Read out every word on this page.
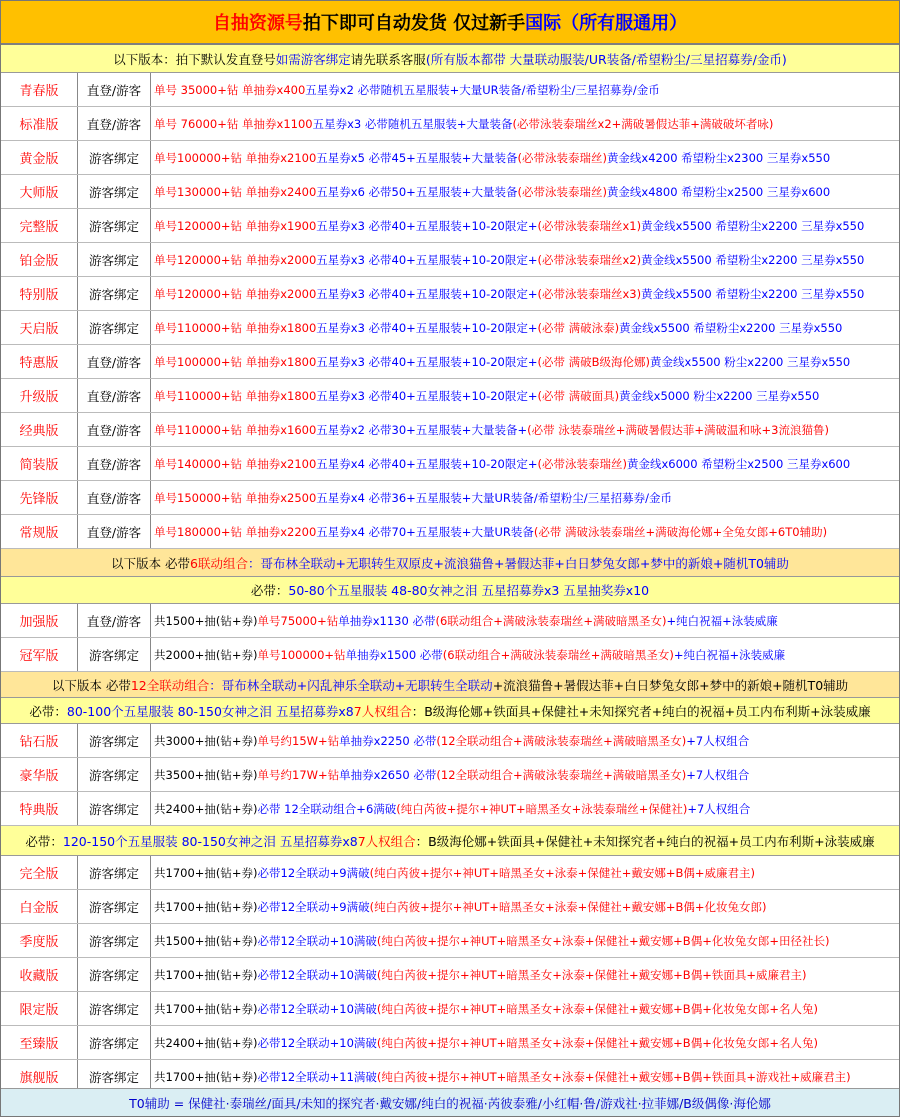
自抽资源号 拍下即可自动发货 仅过新手 国际（所有服通用）
以下版本：拍下默认发直登号 如需游客绑定 请先联系客服 (所有版本都带 大量联动服装/UR装备/希望粉尘/三星招募券/金币)
青春版	直登/游客	单号 35000+钻 单抽券x400 五星券x2 必带随机五星服装+大量UR装备/希望粉尘/三星招募券/金币
标准版	直登/游客	单号 76000+钻 单抽券x1100 五星券x3 必带随机五星服装+大量装备 (必带泳装泰瑞丝x2+满破暑假达菲+满破破坏者咏)
黄金版	游客绑定	单号100000+钻 单抽券x2100 五星券x5 必带45+五星服装+大量装备 (必带泳装泰瑞丝) 黄金线x4200 希望粉尘x2300 三星券x550
大师版	游客绑定	单号130000+钻 单抽券x2400 五星券x6 必带50+五星服装+大量装备 (必带泳装泰瑞丝) 黄金线x4800 希望粉尘x2500 三星券x600
完整版	游客绑定	单号120000+钻 单抽券x1900 五星券x3 必带40+五星服装+10-20限定+ (必带泳装泰瑞丝x1) 黄金线x5500 希望粉尘x2200 三星券x550
铂金版	游客绑定	单号120000+钻 单抽券x2000 五星券x3 必带40+五星服装+10-20限定+ (必带泳装泰瑞丝x2) 黄金线x5500 希望粉尘x2200 三星券x550
特别版	游客绑定	单号120000+钻 单抽券x2000 五星券x3 必带40+五星服装+10-20限定+ (必带泳装泰瑞丝x3) 黄金线x5500 希望粉尘x2200 三星券x550
天启版	游客绑定	单号110000+钻 单抽券x1800 五星券x3 必带40+五星服装+10-20限定+ (必带 满破泳泰) 黄金线x5500 希望粉尘x2200 三星券x550
特惠版	直登/游客	单号100000+钻 单抽券x1800 五星券x3 必带40+五星服装+10-20限定+ (必带 满破B级海伦娜) 黄金线x5500 粉尘x2200 三星券x550
升级版	直登/游客	单号110000+钻 单抽券x1800 五星券x3 必带40+五星服装+10-20限定+ (必带 满破面具) 黄金线x5000 粉尘x2200 三星券x550
经典版	直登/游客	单号110000+钻 单抽券x1600 五星券x2 必带30+五星服装+大量装备+ (必带 泳装泰瑞丝+满破暑假达菲+满破温和咏+3流浪猫鲁)
简装版	直登/游客	单号140000+钻 单抽券x2100 五星券x4 必带40+五星服装+10-20限定+ (必带泳装泰瑞丝) 黄金线x6000 希望粉尘x2500 三星券x600
先锋版	直登/游客	单号150000+钻 单抽券x2500 五星券x4 必带36+五星服装+大量UR装备/希望粉尘/三星招募券/金币
常规版	直登/游客	单号180000+钻 单抽券x2200 五星券x4 必带70+五星服装+大量UR装备 (必带 满破泳装泰瑞丝+满破海伦娜+全兔女郎+6T0辅助)
以下版本 必带 6联动组合 ：哥布林全联动+无职转生双原皮+流浪猫鲁+暑假达菲+白日梦兔女郎+梦中的新娘+随机T0辅助
必带： 50-80个五星服装 48-80女神之泪 五星招募券x3 五星抽奖券x10
加强版	直登/游客	共1500+抽(钻+券) 单号75000+钻 单抽券x1130 必带 (6联动组合+满破泳装泰瑞丝+满破暗黑圣女) +纯白祝福+泳装威廉
冠军版	游客绑定	共2000+抽(钻+券) 单号100000+钻 单抽券x1500 必带 (6联动组合+满破泳装泰瑞丝+满破暗黑圣女) +纯白祝福+泳装威廉
以下版本 必带 12全联动组合 ：哥布林全联动+闪乱神乐全联动+无职转生全联动 +流浪猫鲁+暑假达菲+白日梦兔女郎+梦中的新娘+随机T0辅助
必带： 80-100个五星服装 80-150女神之泪 五星招募券x8 7人权组合 ：B级海伦娜+铁面具+保健社+未知探究者+纯白的祝福+员工内布利斯+泳装威廉
钻石版	游客绑定	共3000+抽(钻+券) 单号约15W+钻 单抽券x2250 必带 (12全联动组合+满破泳装泰瑞丝+满破暗黑圣女) +7人权组合
豪华版	游客绑定	共3500+抽(钻+券) 单号约17W+钻 单抽券x2650 必带 (12全联动组合+满破泳装泰瑞丝+满破暗黑圣女) +7人权组合
特典版	游客绑定	共2400+抽(钻+券) 必带 12全联动组合+6满破 (纯白芮彼+提尔+神UT+暗黑圣女+泳装泰瑞丝+保健社) +7人权组合
必带： 120-150个五星服装 80-150女神之泪 五星招募券x8 7人权组合 ：B级海伦娜+铁面具+保健社+未知探究者+纯白的祝福+员工内布利斯+泳装威廉
完全版	游客绑定	共1700+抽(钻+券) 必带12全联动+9满破 (纯白芮彼+提尔+神UT+暗黑圣女+泳泰+保健社+戴安娜+B偶+威廉君主)
白金版	游客绑定	共1700+抽(钻+券) 必带12全联动+9满破 (纯白芮彼+提尔+神UT+暗黑圣女+泳泰+保健社+戴安娜+B偶+化妆兔女郎)
季度版	游客绑定	共1500+抽(钻+券) 必带12全联动+10满破 (纯白芮彼+提尔+神UT+暗黑圣女+泳泰+保健社+戴安娜+B偶+化妆兔女郎+田径社长)
收藏版	游客绑定	共1700+抽(钻+券) 必带12全联动+10满破 (纯白芮彼+提尔+神UT+暗黑圣女+泳泰+保健社+戴安娜+B偶+铁面具+威廉君主)
限定版	游客绑定	共1700+抽(钻+券) 必带12全联动+10满破 (纯白芮彼+提尔+神UT+暗黑圣女+泳泰+保健社+戴安娜+B偶+化妆兔女郎+名人兔)
至臻版	游客绑定	共2400+抽(钻+券) 必带12全联动+10满破 (纯白芮彼+提尔+神UT+暗黑圣女+泳泰+保健社+戴安娜+B偶+化妆兔女郎+名人兔)
旗舰版	游客绑定	共1700+抽(钻+券) 必带12全联动+11满破 (纯白芮彼+提尔+神UT+暗黑圣女+泳泰+保健社+戴安娜+B偶+铁面具+游戏社+威廉君主)
T0辅助 = 保健社·泰瑞丝/面具/未知的探究者·戴安娜/纯白的祝福·芮彼泰雅/小红帽·鲁/游戏社·拉菲娜/B级偶像·海伦娜
